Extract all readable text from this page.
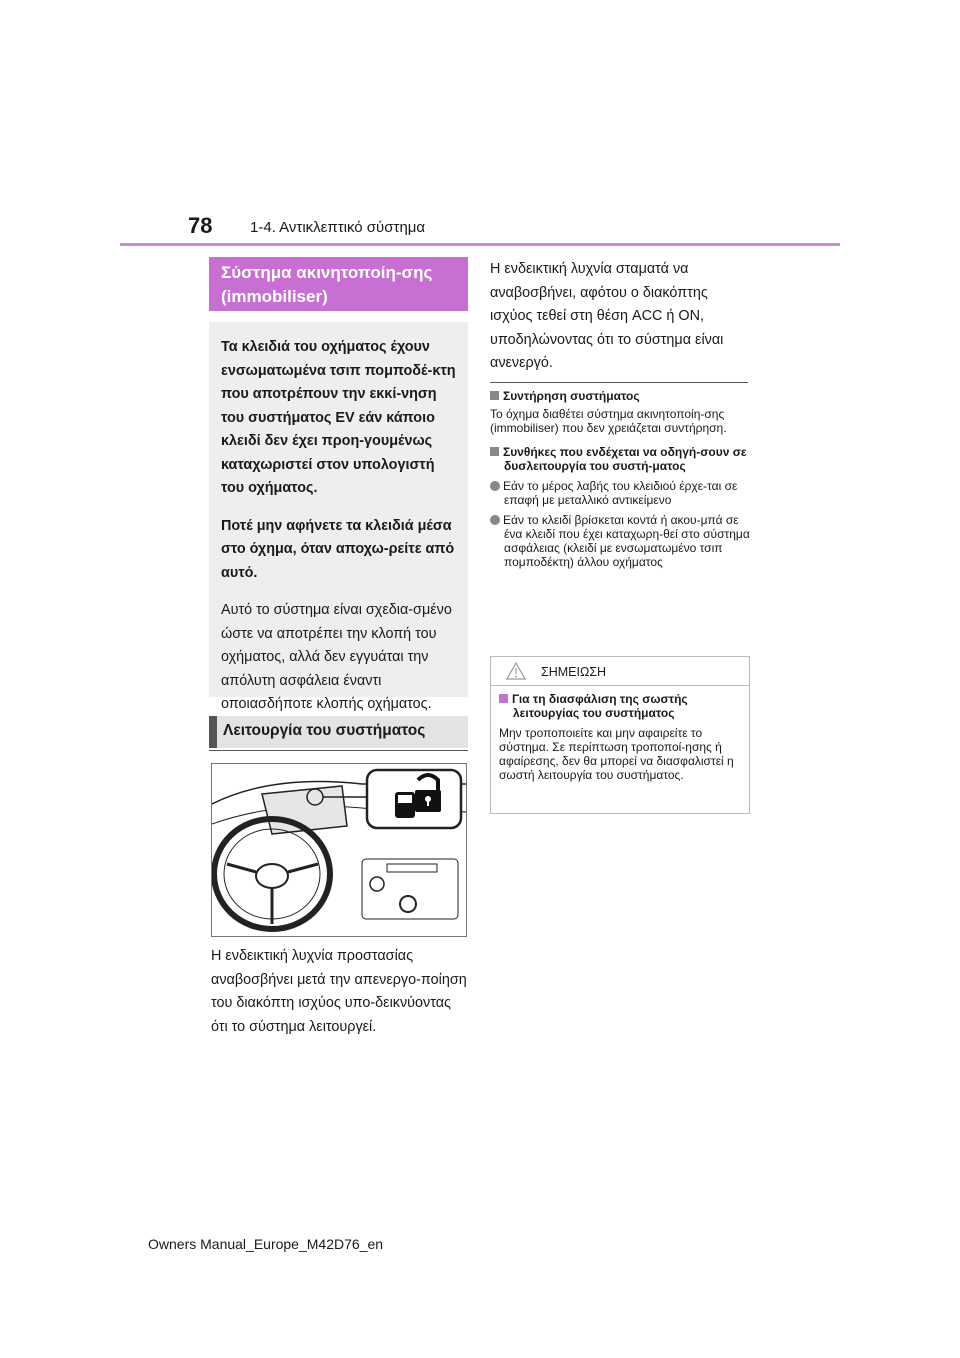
78	1-4. Αντικλεπτικό σύστημα
Σύστημα ακινητοποίη-σης (immobiliser)

Τα κλειδιά του οχήματος έχουν ενσωματωμένα τσιπ πομποδέ-κτη που αποτρέπουν την εκκί-νηση του συστήματος EV εάν κάποιο κλειδί δεν έχει προη-γουμένως καταχωριστεί στον υπολογιστή του οχήματος.

Ποτέ μην αφήνετε τα κλειδιά μέσα στο όχημα, όταν αποχω-ρείτε από αυτό.

Αυτό το σύστημα είναι σχεδια-σμένο ώστε να αποτρέπει την κλοπή του οχήματος, αλλά δεν εγγυάται την απόλυτη ασφάλεια έναντι οποιασδήποτε κλοπής οχήματος.

Λειτουργία του συστήματος
Η ενδεικτική λυχνία προστασίας αναβοσβήνει μετά την απενεργο-ποίηση του διακόπτη ισχύος υπο-δεικνύοντας ότι το σύστημα λειτουργεί.
Η ενδεικτική λυχνία σταματά να αναβοσβήνει, αφότου ο διακόπτης ισχύος τεθεί στη θέση ACC ή ON, υποδηλώνοντας ότι το σύστημα είναι ανενεργό.
Συντήρηση συστήματος
Το όχημα διαθέτει σύστημα ακινητοποίη-σης (immobiliser) που δεν χρειάζεται συντήρηση.
Συνθήκες που ενδέχεται να οδηγή-σουν σε δυσλειτουργία του συστή-ματος
Εάν το μέρος λαβής του κλειδιού έρχε-ται σε επαφή με μεταλλικό αντικείμενο
Εάν το κλειδί βρίσκεται κοντά ή ακου-μπά σε ένα κλειδί που έχει καταχωρη-θεί στο σύστημα ασφάλειας (κλειδί με ενσωματωμένο τσιπ πομποδέκτη) άλλου οχήματος
ΣΗΜΕΙΩΣΗ
Για τη διασφάλιση της σωστής λειτουργίας του συστήματος
Μην τροποποιείτε και μην αφαιρείτε το σύστημα. Σε περίπτωση τροποποί-ησης ή αφαίρεσης, δεν θα μπορεί να διασφαλιστεί η σωστή λειτουργία του συστήματος.
Owners Manual_Europe_M42D76_en
